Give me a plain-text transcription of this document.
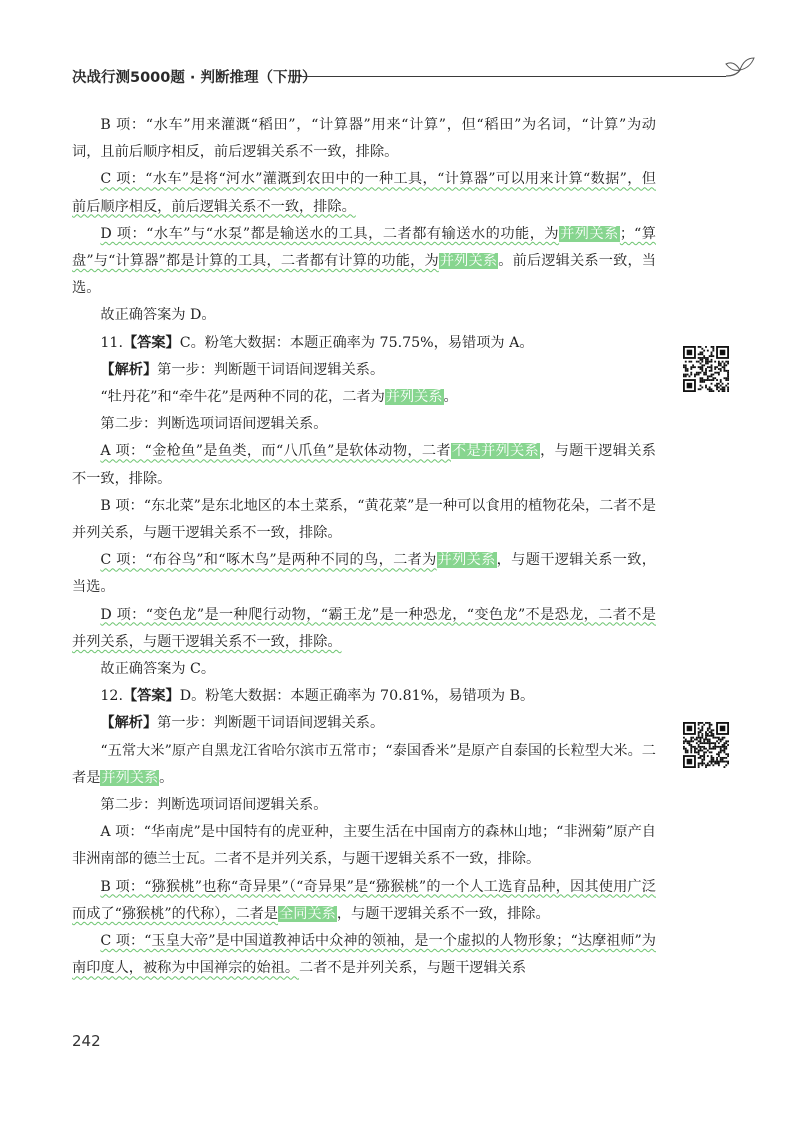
决战行测5000题 · 判断推理（下册）

B 项：“水车”用来灌溉“稻田”，“计算器”用来“计算”，但“稻田”为名词，“计算”为动词，且前后顺序相反，前后逻辑关系不一致，排除。

C 项：“水车”是将“河水”灌溉到农田中的一种工具，“计算器”可以用来计算“数据”，但前后顺序相反，前后逻辑关系不一致，排除。

D 项：“水车”与“水泵”都是输送水的工具，二者都有输送水的功能，为并列关系；“算盘”与“计算器”都是计算的工具，二者都有计算的功能，为并列关系。前后逻辑关系一致，当选。

故正确答案为 D。

11.【答案】C。粉笔大数据：本题正确率为 75.75%，易错项为 A。

【解析】第一步：判断题干词语间逻辑关系。

“牡丹花”和“牵牛花”是两种不同的花，二者为并列关系。

第二步：判断选项词语间逻辑关系。

A 项：“金枪鱼”是鱼类，而“八爪鱼”是软体动物，二者不是并列关系，与题干逻辑关系不一致，排除。

B 项：“东北菜”是东北地区的本土菜系，“黄花菜”是一种可以食用的植物花朵，二者不是并列关系，与题干逻辑关系不一致，排除。

C 项：“布谷鸟”和“啄木鸟”是两种不同的鸟，二者为并列关系，与题干逻辑关系一致，当选。

D 项：“变色龙”是一种爬行动物，“霸王龙”是一种恐龙，“变色龙”不是恐龙，二者不是并列关系，与题干逻辑关系不一致，排除。

故正确答案为 C。

12.【答案】D。粉笔大数据：本题正确率为 70.81%，易错项为 B。

【解析】第一步：判断题干词语间逻辑关系。

“五常大米”原产自黑龙江省哈尔滨市五常市；“泰国香米”是原产自泰国的长粒型大米。二者是并列关系。

第二步：判断选项词语间逻辑关系。

A 项：“华南虎”是中国特有的虎亚种，主要生活在中国南方的森林山地；“非洲菊”原产自非洲南部的德兰士瓦。二者不是并列关系，与题干逻辑关系不一致，排除。

B 项：“猕猴桃”也称“奇异果”（“奇异果”是“猕猴桃”的一个人工选育品种，因其使用广泛而成了“猕猴桃”的代称），二者是全同关系，与题干逻辑关系不一致，排除。

C 项：“玉皇大帝”是中国道教神话中众神的领袖，是一个虚拟的人物形象；“达摩祖师”为南印度人，被称为中国禅宗的始祖。二者不是并列关系，与题干逻辑关系

242
